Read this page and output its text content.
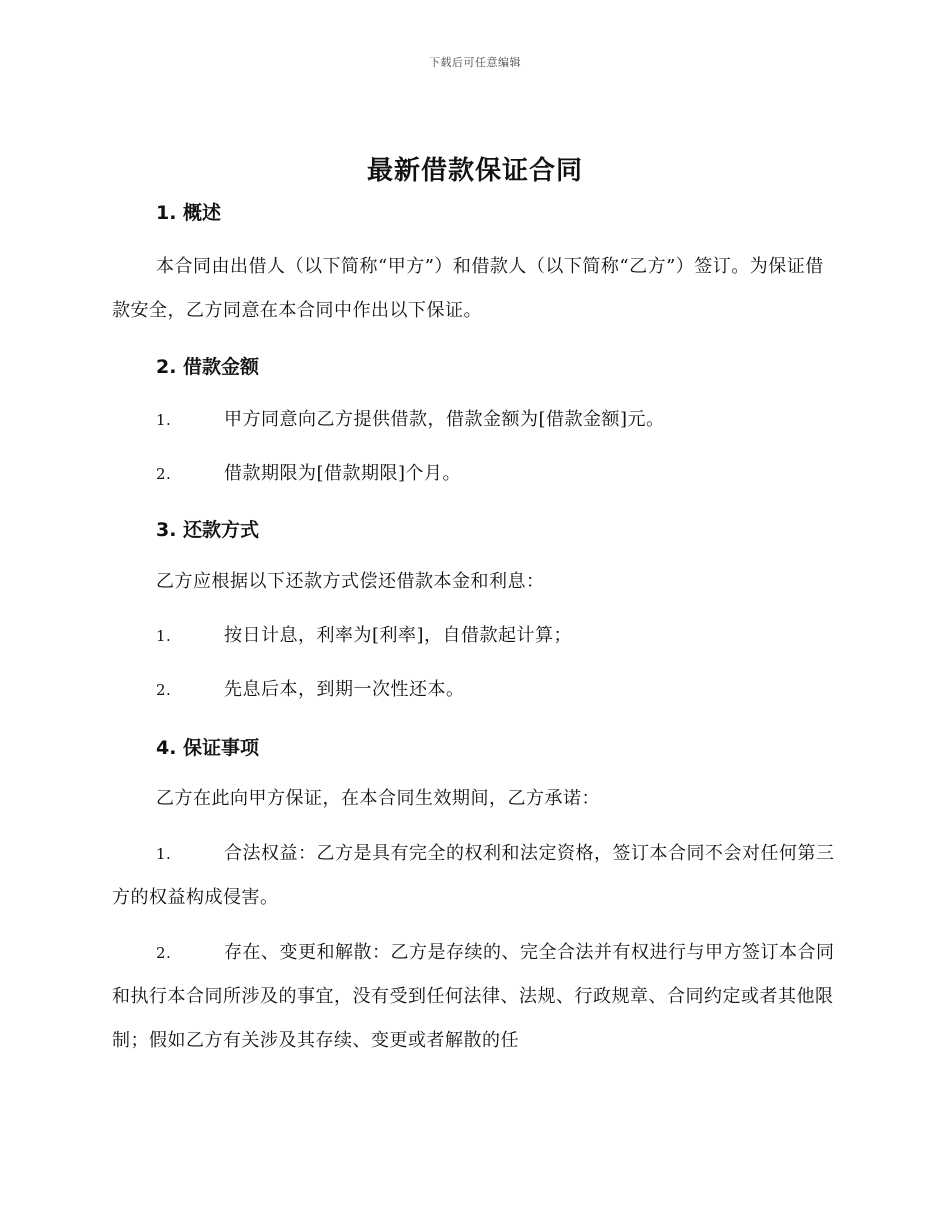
下载后可任意编辑
最新借款保证合同
1. 概述
本合同由出借人（以下简称“甲方”）和借款人（以下简称“乙方”）签订。为保证借款安全，乙方同意在本合同中作出以下保证。
2. 借款金额
1.	甲方同意向乙方提供借款，借款金额为[借款金额]元。
2.	借款期限为[借款期限]个月。
3. 还款方式
乙方应根据以下还款方式偿还借款本金和利息：
1.	按日计息，利率为[利率]，自借款起计算；
2.	先息后本，到期一次性还本。
4. 保证事项
乙方在此向甲方保证，在本合同生效期间，乙方承诺：
1.	合法权益：乙方是具有完全的权利和法定资格，签订本合同不会对任何第三方的权益构成侵害。
2.	存在、变更和解散：乙方是存续的、完全合法并有权进行与甲方签订本合同和执行本合同所涉及的事宜，没有受到任何法律、法规、行政规章、合同约定或者其他限制；假如乙方有关涉及其存续、变更或者解散的任
